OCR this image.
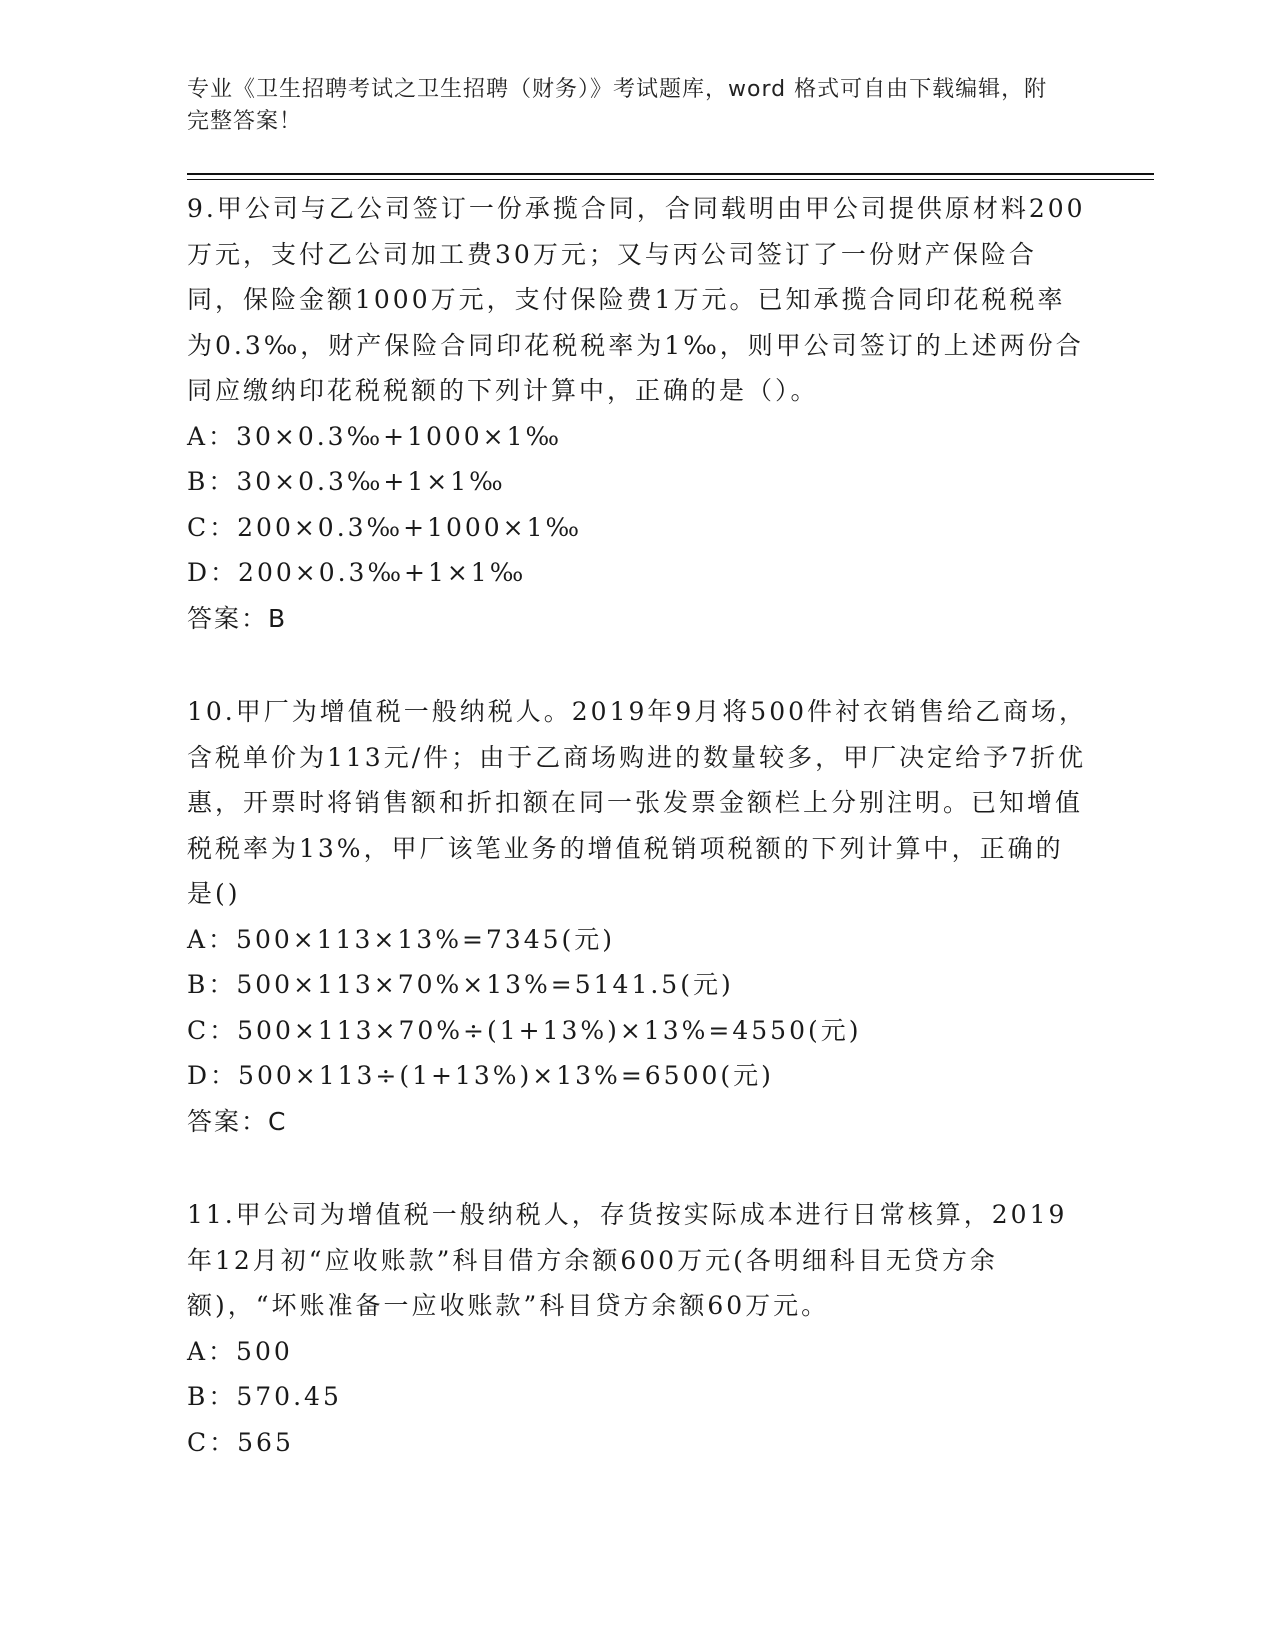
专业《卫生招聘考试之卫生招聘（财务）》考试题库，word 格式可自由下载编辑，附完整答案！

9.甲公司与乙公司签订一份承揽合同，合同载明由甲公司提供原材料200万元，支付乙公司加工费30万元；又与丙公司签订了一份财产保险合同，保险金额1000万元，支付保险费1万元。已知承揽合同印花税税率为0.3‰，财产保险合同印花税税率为1‰，则甲公司签订的上述两份合同应缴纳印花税税额的下列计算中，正确的是（）。

A：30×0.3‰+1000×1‰
B：30×0.3‰+1×1‰
C：200×0.3‰+1000×1‰
D：200×0.3‰+1×1‰
答案：B

10.甲厂为增值税一般纳税人。2019年9月将500件衬衣销售给乙商场，含税单价为113元/件；由于乙商场购进的数量较多，甲厂决定给予7折优惠，开票时将销售额和折扣额在同一张发票金额栏上分别注明。已知增值税税率为13%，甲厂该笔业务的增值税销项税额的下列计算中，正确的是()

A：500×113×13%=7345(元)
B：500×113×70%×13%=5141.5(元)
C：500×113×70%÷(1+13%)×13%=4550(元)
D：500×113÷(1+13%)×13%=6500(元)
答案：C

11.甲公司为增值税一般纳税人，存货按实际成本进行日常核算，2019年12月初“应收账款”科目借方余额600万元(各明细科目无贷方余额)，“坏账准备一应收账款”科目贷方余额60万元。

A：500
B：570.45
C：565
